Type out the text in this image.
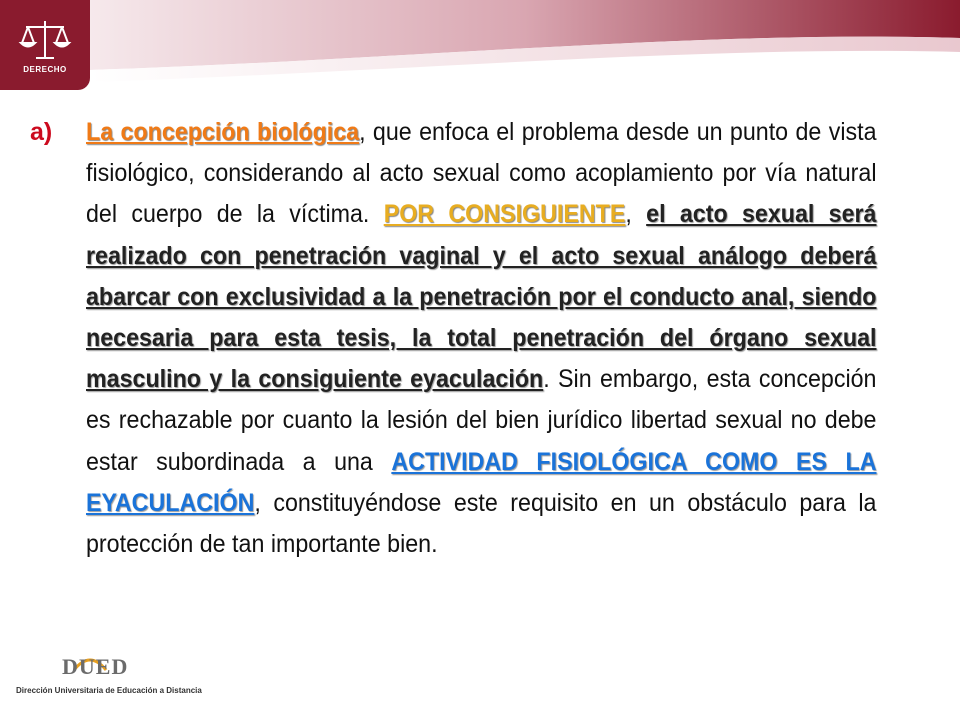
DERECHO
a)	La concepción biológica, que enfoca el problema desde un punto de vista fisiológico, considerando al acto sexual como acoplamiento por vía natural del cuerpo de la víctima. POR CONSIGUIENTE, el acto sexual será realizado con penetración vaginal y el acto sexual análogo deberá abarcar con exclusividad a la penetración por el conducto anal, siendo necesaria para esta tesis, la total penetración del órgano sexual masculino y la consiguiente eyaculación. Sin embargo, esta concepción es rechazable por cuanto la lesión del bien jurídico libertad sexual no debe estar subordinada a una ACTIVIDAD FISIOLÓGICA COMO ES LA EYACULACIÓN, constituyéndose este requisito en un obstáculo para la protección de tan importante bien.
DUED
Dirección Universitaria de Educación a Distancia
